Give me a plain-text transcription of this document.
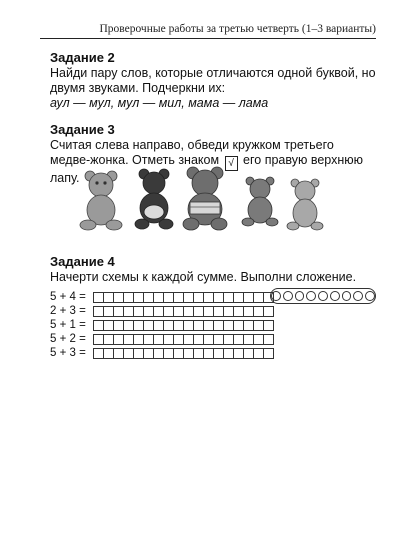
Проверочные работы за третью четверть (1–3 варианты)

Задание 2

Найди пару слов, которые отличаются одной буквой, но двумя звуками. Подчеркни их:

аул — мул, мул — мил, мама — лама

Задание 3

Считая слева направо, обведи кружком третьего медве-жонка. Отметь знаком √ его правую верхнюю лапу.

Задание 4

Начерти схемы к каждой сумме. Выполни сложение.

5 + 4 =
2 + 3 =
5 + 1 =
5 + 2 =
5 + 3 =
